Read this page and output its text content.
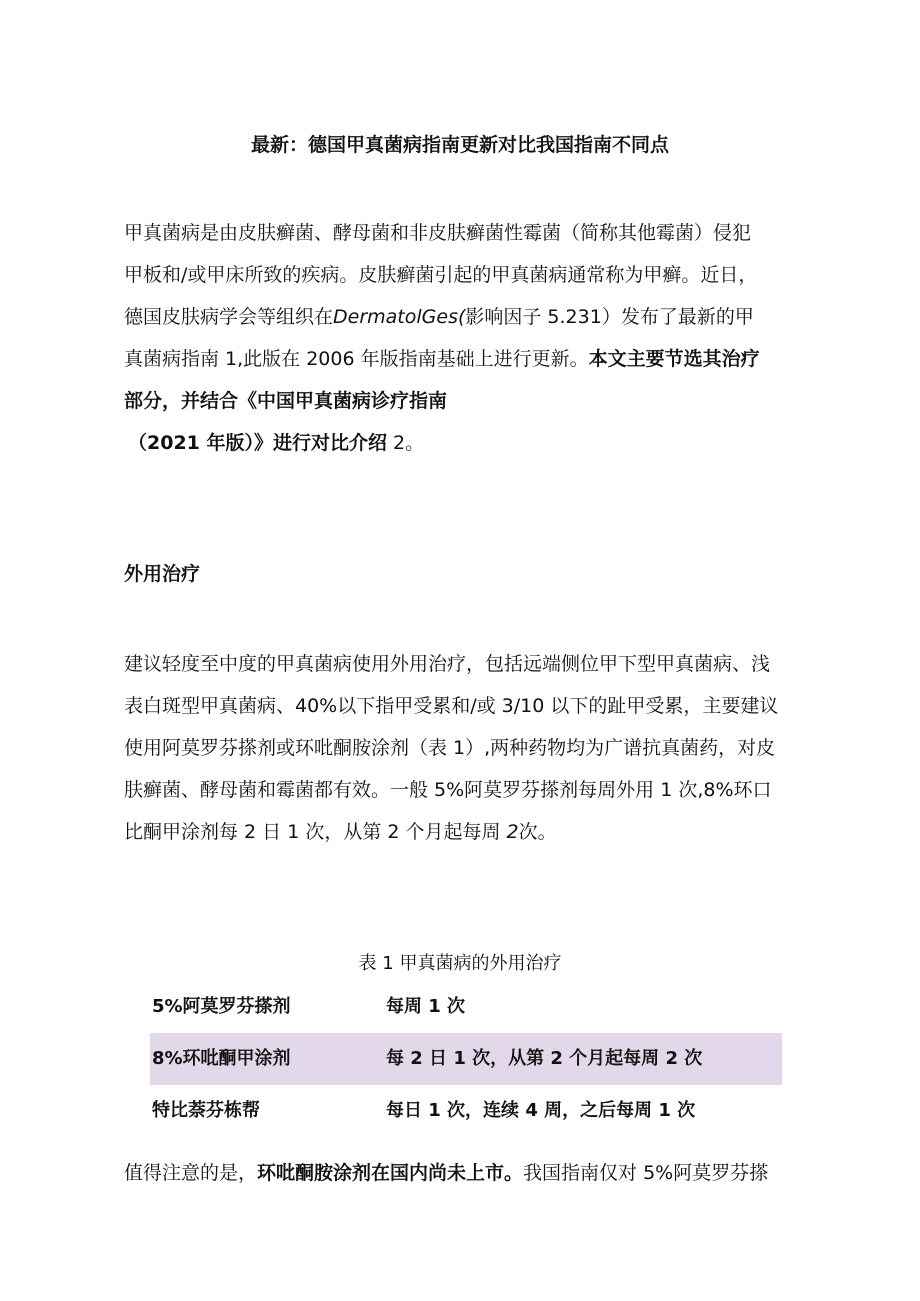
最新：德国甲真菌病指南更新对比我国指南不同点
甲真菌病是由皮肤癣菌、酵母菌和非皮肤癣菌性霉菌（简称其他霉菌）侵犯
甲板和/或甲床所致的疾病。皮肤癣菌引起的甲真菌病通常称为甲癣。近日，
德国皮肤病学会等组织在DermatolGes(影响因子 5.231）发布了最新的甲
真菌病指南 1,此版在 2006 年版指南基础上进行更新。本文主要节选其治疗
部分，并结合《中国甲真菌病诊疗指南
（2021 年版）》进行对比介绍 2。
外用治疗
建议轻度至中度的甲真菌病使用外用治疗，包括远端侧位甲下型甲真菌病、浅
表白斑型甲真菌病、40%以下指甲受累和/或 3/10 以下的趾甲受累，主要建议
使用阿莫罗芬搽剂或环吡酮胺涂剂（表 1）,两种药物均为广谱抗真菌药，对皮
肤癣菌、酵母菌和霉菌都有效。一般 5%阿莫罗芬搽剂每周外用 1 次,8%环口
比酮甲涂剂每 2 日 1 次，从第 2 个月起每周 2次。
表 1 甲真菌病的外用治疗
5%阿莫罗芬搽剂	每周 1 次
8%环吡酮甲涂剂	每 2 日 1 次，从第 2 个月起每周 2 次
特比萘芬栋帮	每日 1 次，连续 4 周，之后每周 1 次
值得注意的是，环吡酮胺涂剂在国内尚未上市。我国指南仅对 5%阿莫罗芬搽
